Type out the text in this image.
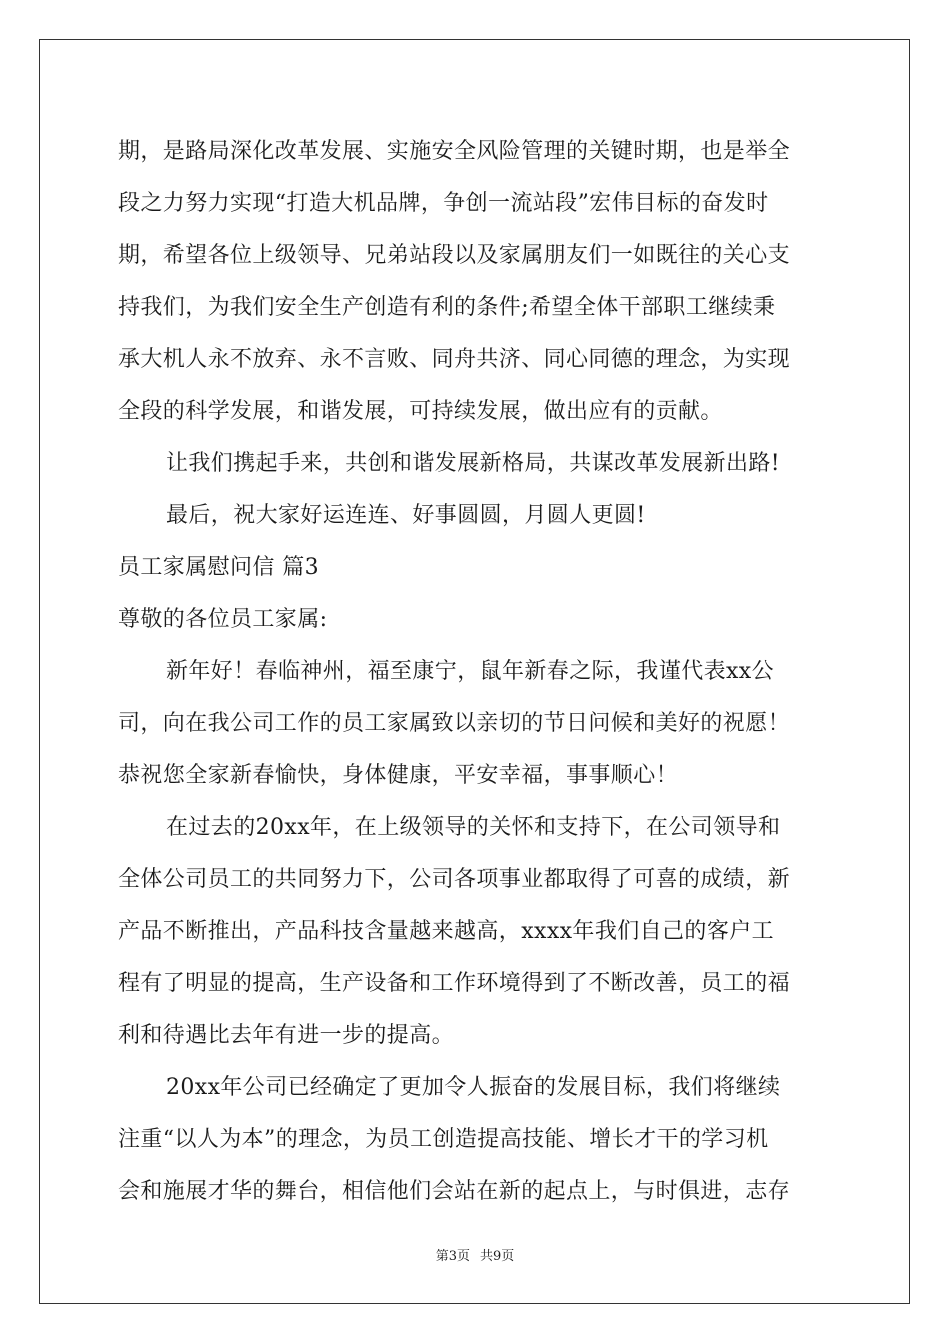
期，是路局深化改革发展、实施安全风险管理的关键时期，也是举全
段之力努力实现“打造大机品牌，争创一流站段”宏伟目标的奋发时
期，希望各位上级领导、兄弟站段以及家属朋友们一如既往的关心支
持我们，为我们安全生产创造有利的条件;希望全体干部职工继续秉
承大机人永不放弃、永不言败、同舟共济、同心同德的理念，为实现
全段的科学发展，和谐发展，可持续发展，做出应有的贡献。
让我们携起手来，共创和谐发展新格局，共谋改革发展新出路!
最后，祝大家好运连连、好事圆圆，月圆人更圆!
员工家属慰问信 篇3
尊敬的各位员工家属:
新年好！春临神州，福至康宁，鼠年新春之际，我谨代表xx公
司，向在我公司工作的员工家属致以亲切的节日问候和美好的祝愿！
恭祝您全家新春愉快，身体健康，平安幸福，事事顺心！
在过去的20xx年，在上级领导的关怀和支持下，在公司领导和
全体公司员工的共同努力下，公司各项事业都取得了可喜的成绩，新
产品不断推出，产品科技含量越来越高，xxxx年我们自己的客户工
程有了明显的提高，生产设备和工作环境得到了不断改善，员工的福
利和待遇比去年有进一步的提高。
20xx年公司已经确定了更加令人振奋的发展目标，我们将继续
注重“以人为本”的理念，为员工创造提高技能、增长才干的学习机
会和施展才华的舞台，相信他们会站在新的起点上，与时俱进，志存
第3页 共9页
